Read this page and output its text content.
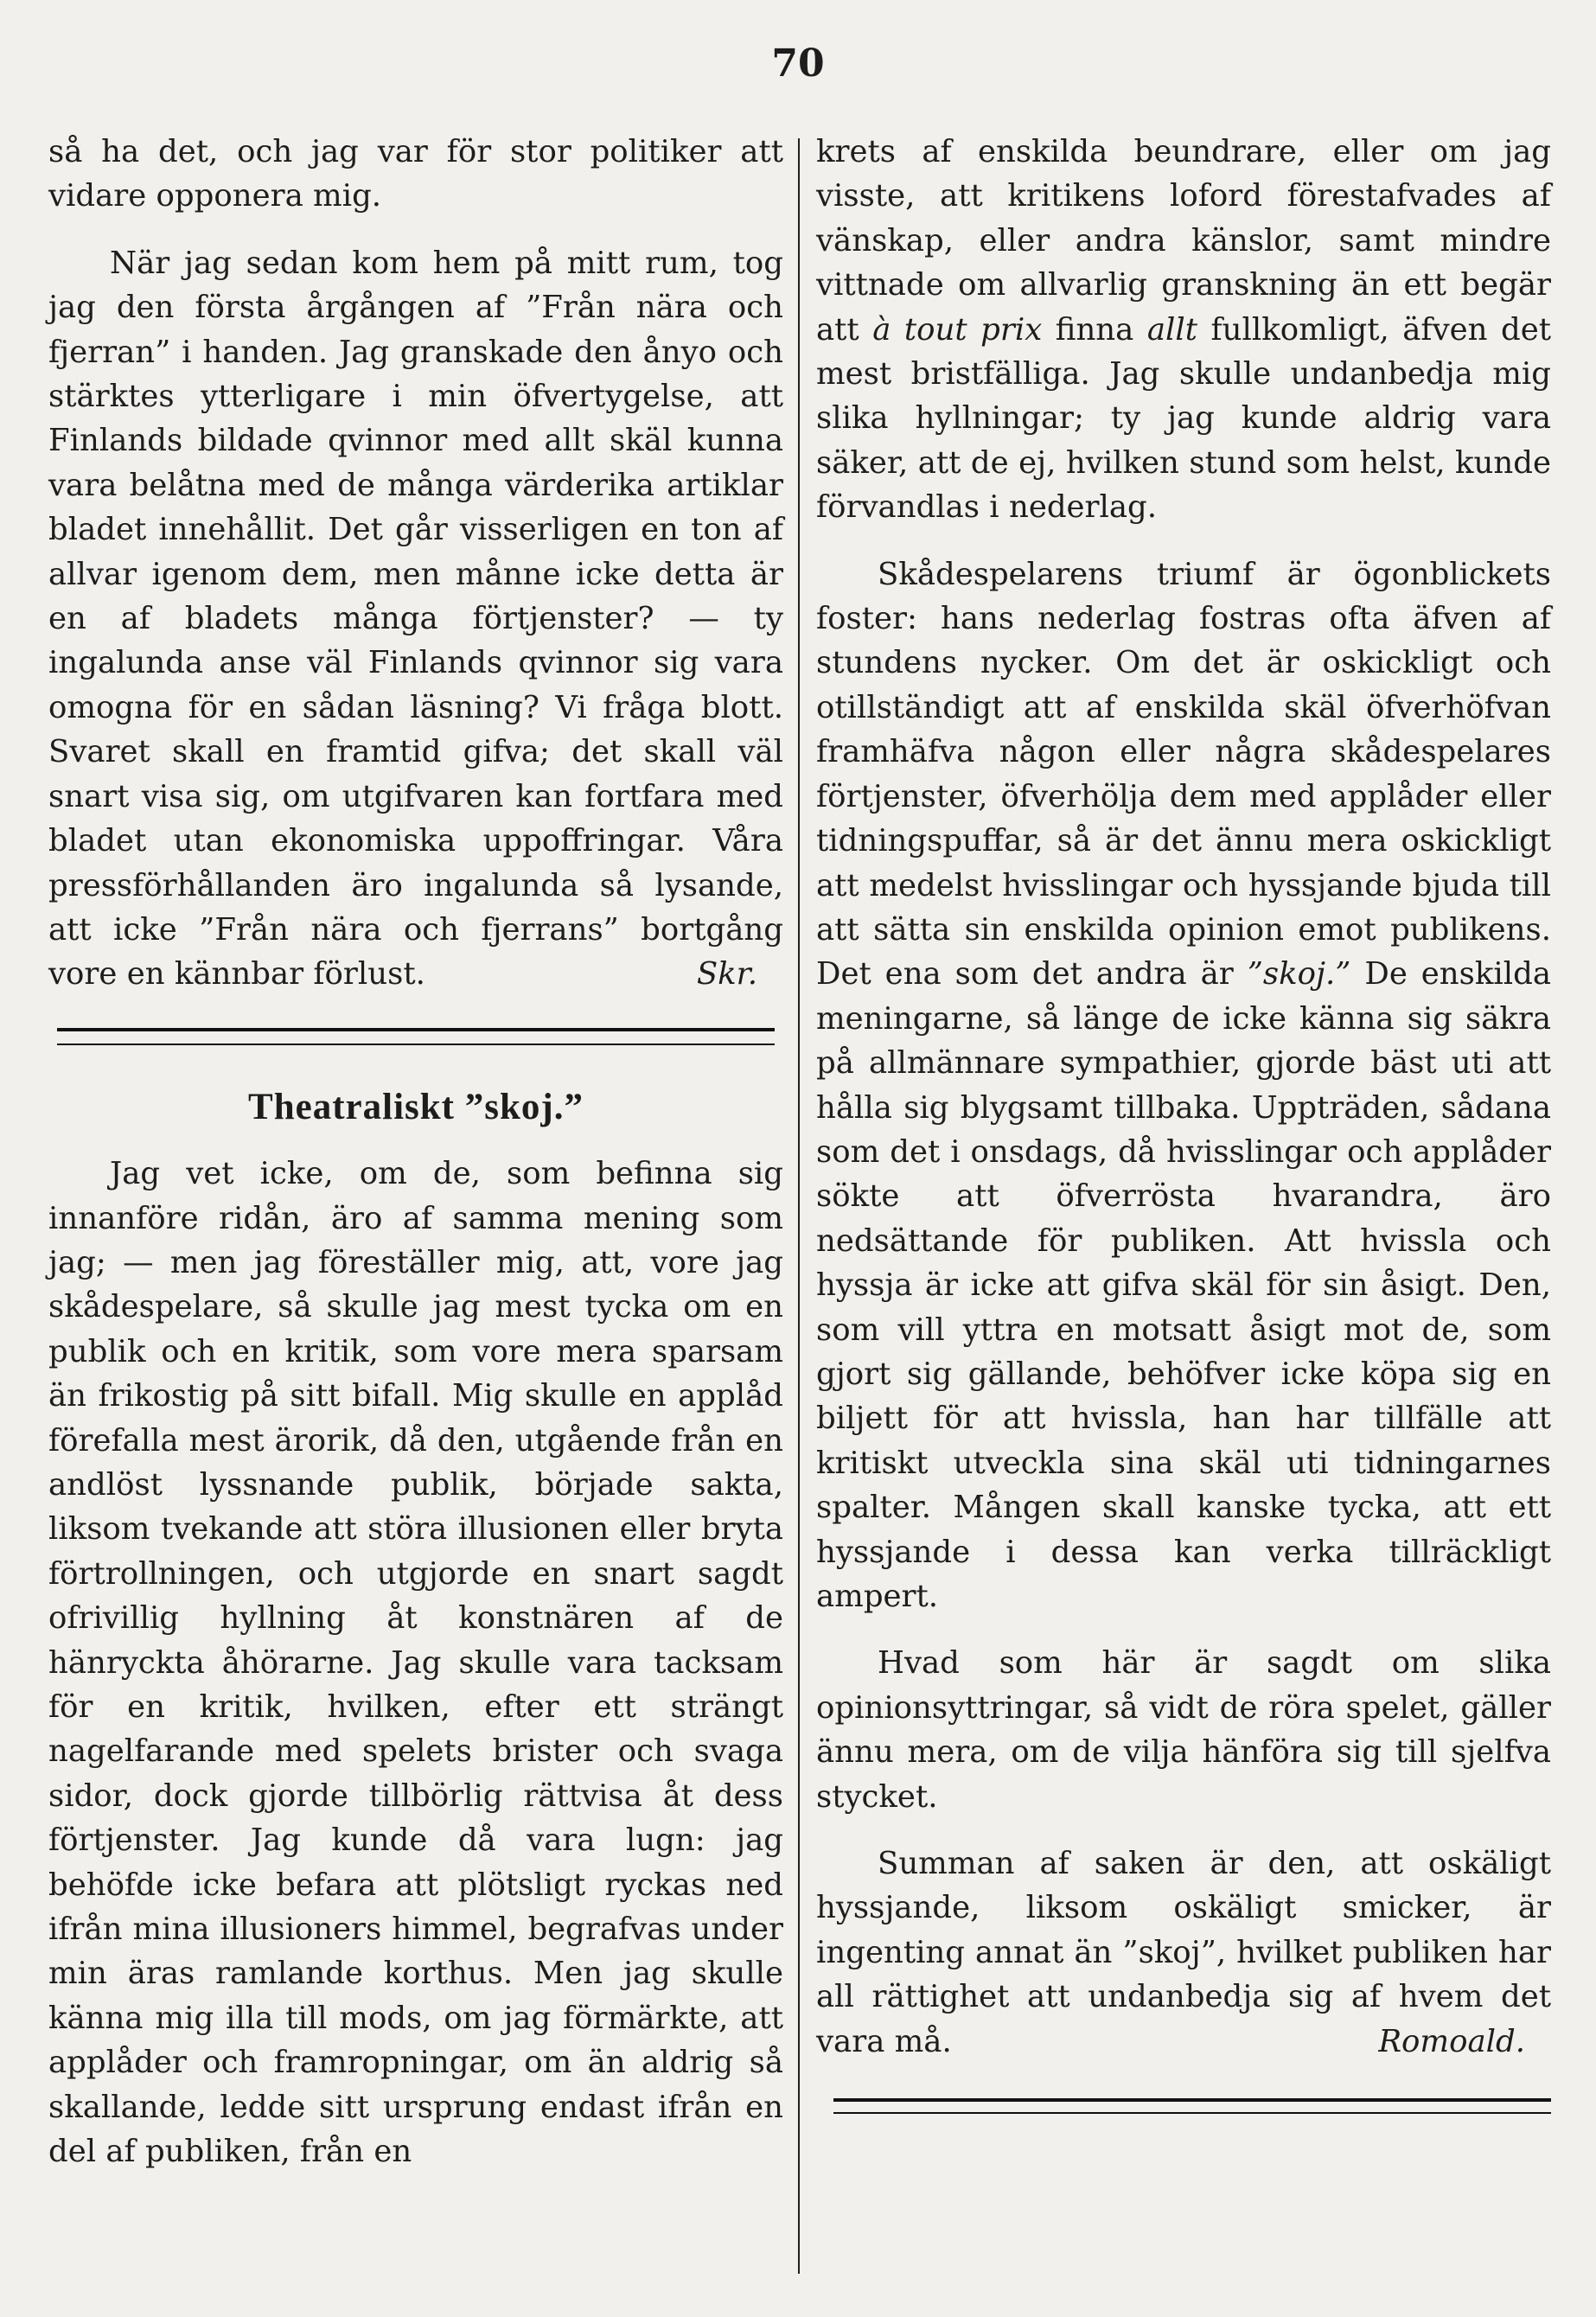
70

så ha det, och jag var för stor politiker att vidare opponera mig.

När jag sedan kom hem på mitt rum, tog jag den första årgången af ”Från nära och fjerran” i handen. Jag granskade den ånyo och stärktes ytterligare i min öfvertygelse, att Finlands bildade qvinnor med allt skäl kunna vara belåtna med de många värderika artiklar bladet innehållit. Det går visserligen en ton af allvar igenom dem, men månne icke detta är en af bladets många förtjenster? — ty ingalunda anse väl Finlands qvinnor sig vara omogna för en sådan läsning? Vi fråga blott. Svaret skall en framtid gifva; det skall väl snart visa sig, om utgifvaren kan fortfara med bladet utan ekonomiska uppoffringar. Våra pressförhållanden äro ingalunda så lysande, att icke ”Från nära och fjerrans” bortgång vore en kännbar förlust.	Skr.

Theatraliskt ”skoj.”

Jag vet icke, om de, som befinna sig innanföre ridån, äro af samma mening som jag; — men jag föreställer mig, att, vore jag skådespelare, så skulle jag mest tycka om en publik och en kritik, som vore mera sparsam än frikostig på sitt bifall. Mig skulle en applåd förefalla mest ärorik, då den, utgående från en andlöst lyssnande publik, började sakta, liksom tvekande att störa illusionen eller bryta förtrollningen, och utgjorde en snart sagdt ofrivillig hyllning åt konstnären af de hänryckta åhörarne. Jag skulle vara tacksam för en kritik, hvilken, efter ett strängt nagelfarande med spelets brister och svaga sidor, dock gjorde tillbörlig rättvisa åt dess förtjenster. Jag kunde då vara lugn: jag behöfde icke befara att plötsligt ryckas ned ifrån mina illusioners himmel, begrafvas under min äras ramlande korthus. Men jag skulle känna mig illa till mods, om jag förmärkte, att applåder och framropningar, om än aldrig så skallande, ledde sitt ursprung endast ifrån en del af publiken, från en

krets af enskilda beundrare, eller om jag visste, att kritikens loford förestafvades af vänskap, eller andra känslor, samt mindre vittnade om allvarlig granskning än ett begär att à tout prix finna allt fullkomligt, äfven det mest bristfälliga. Jag skulle undanbedja mig slika hyllningar; ty jag kunde aldrig vara säker, att de ej, hvilken stund som helst, kunde förvandlas i nederlag.

Skådespelarens triumf är ögonblickets foster: hans nederlag fostras ofta äfven af stundens nycker. Om det är oskickligt och otillständigt att af enskilda skäl öfverhöfvan framhäfva någon eller några skådespelares förtjenster, öfverhölja dem med applåder eller tidningspuffar, så är det ännu mera oskickligt att medelst hvisslingar och hyssjande bjuda till att sätta sin enskilda opinion emot publikens. Det ena som det andra är ”skoj.” De enskilda meningarne, så länge de icke känna sig säkra på allmännare sympathier, gjorde bäst uti att hålla sig blygsamt tillbaka. Uppträden, sådana som det i onsdags, då hvisslingar och applåder sökte att öfverrösta hvarandra, äro nedsättande för publiken. Att hvissla och hyssja är icke att gifva skäl för sin åsigt. Den, som vill yttra en motsatt åsigt mot de, som gjort sig gällande, behöfver icke köpa sig en biljett för att hvissla, han har tillfälle att kritiskt utveckla sina skäl uti tidningarnes spalter. Mången skall kanske tycka, att ett hyssjande i dessa kan verka tillräckligt ampert.

Hvad som här är sagdt om slika opinionsyttringar, så vidt de röra spelet, gäller ännu mera, om de vilja hänföra sig till sjelfva stycket.

Summan af saken är den, att oskäligt hyssjande, liksom oskäligt smicker, är ingenting annat än ”skoj”, hvilket publiken har all rättighet att undanbedja sig af hvem det vara må.	Romoald.
